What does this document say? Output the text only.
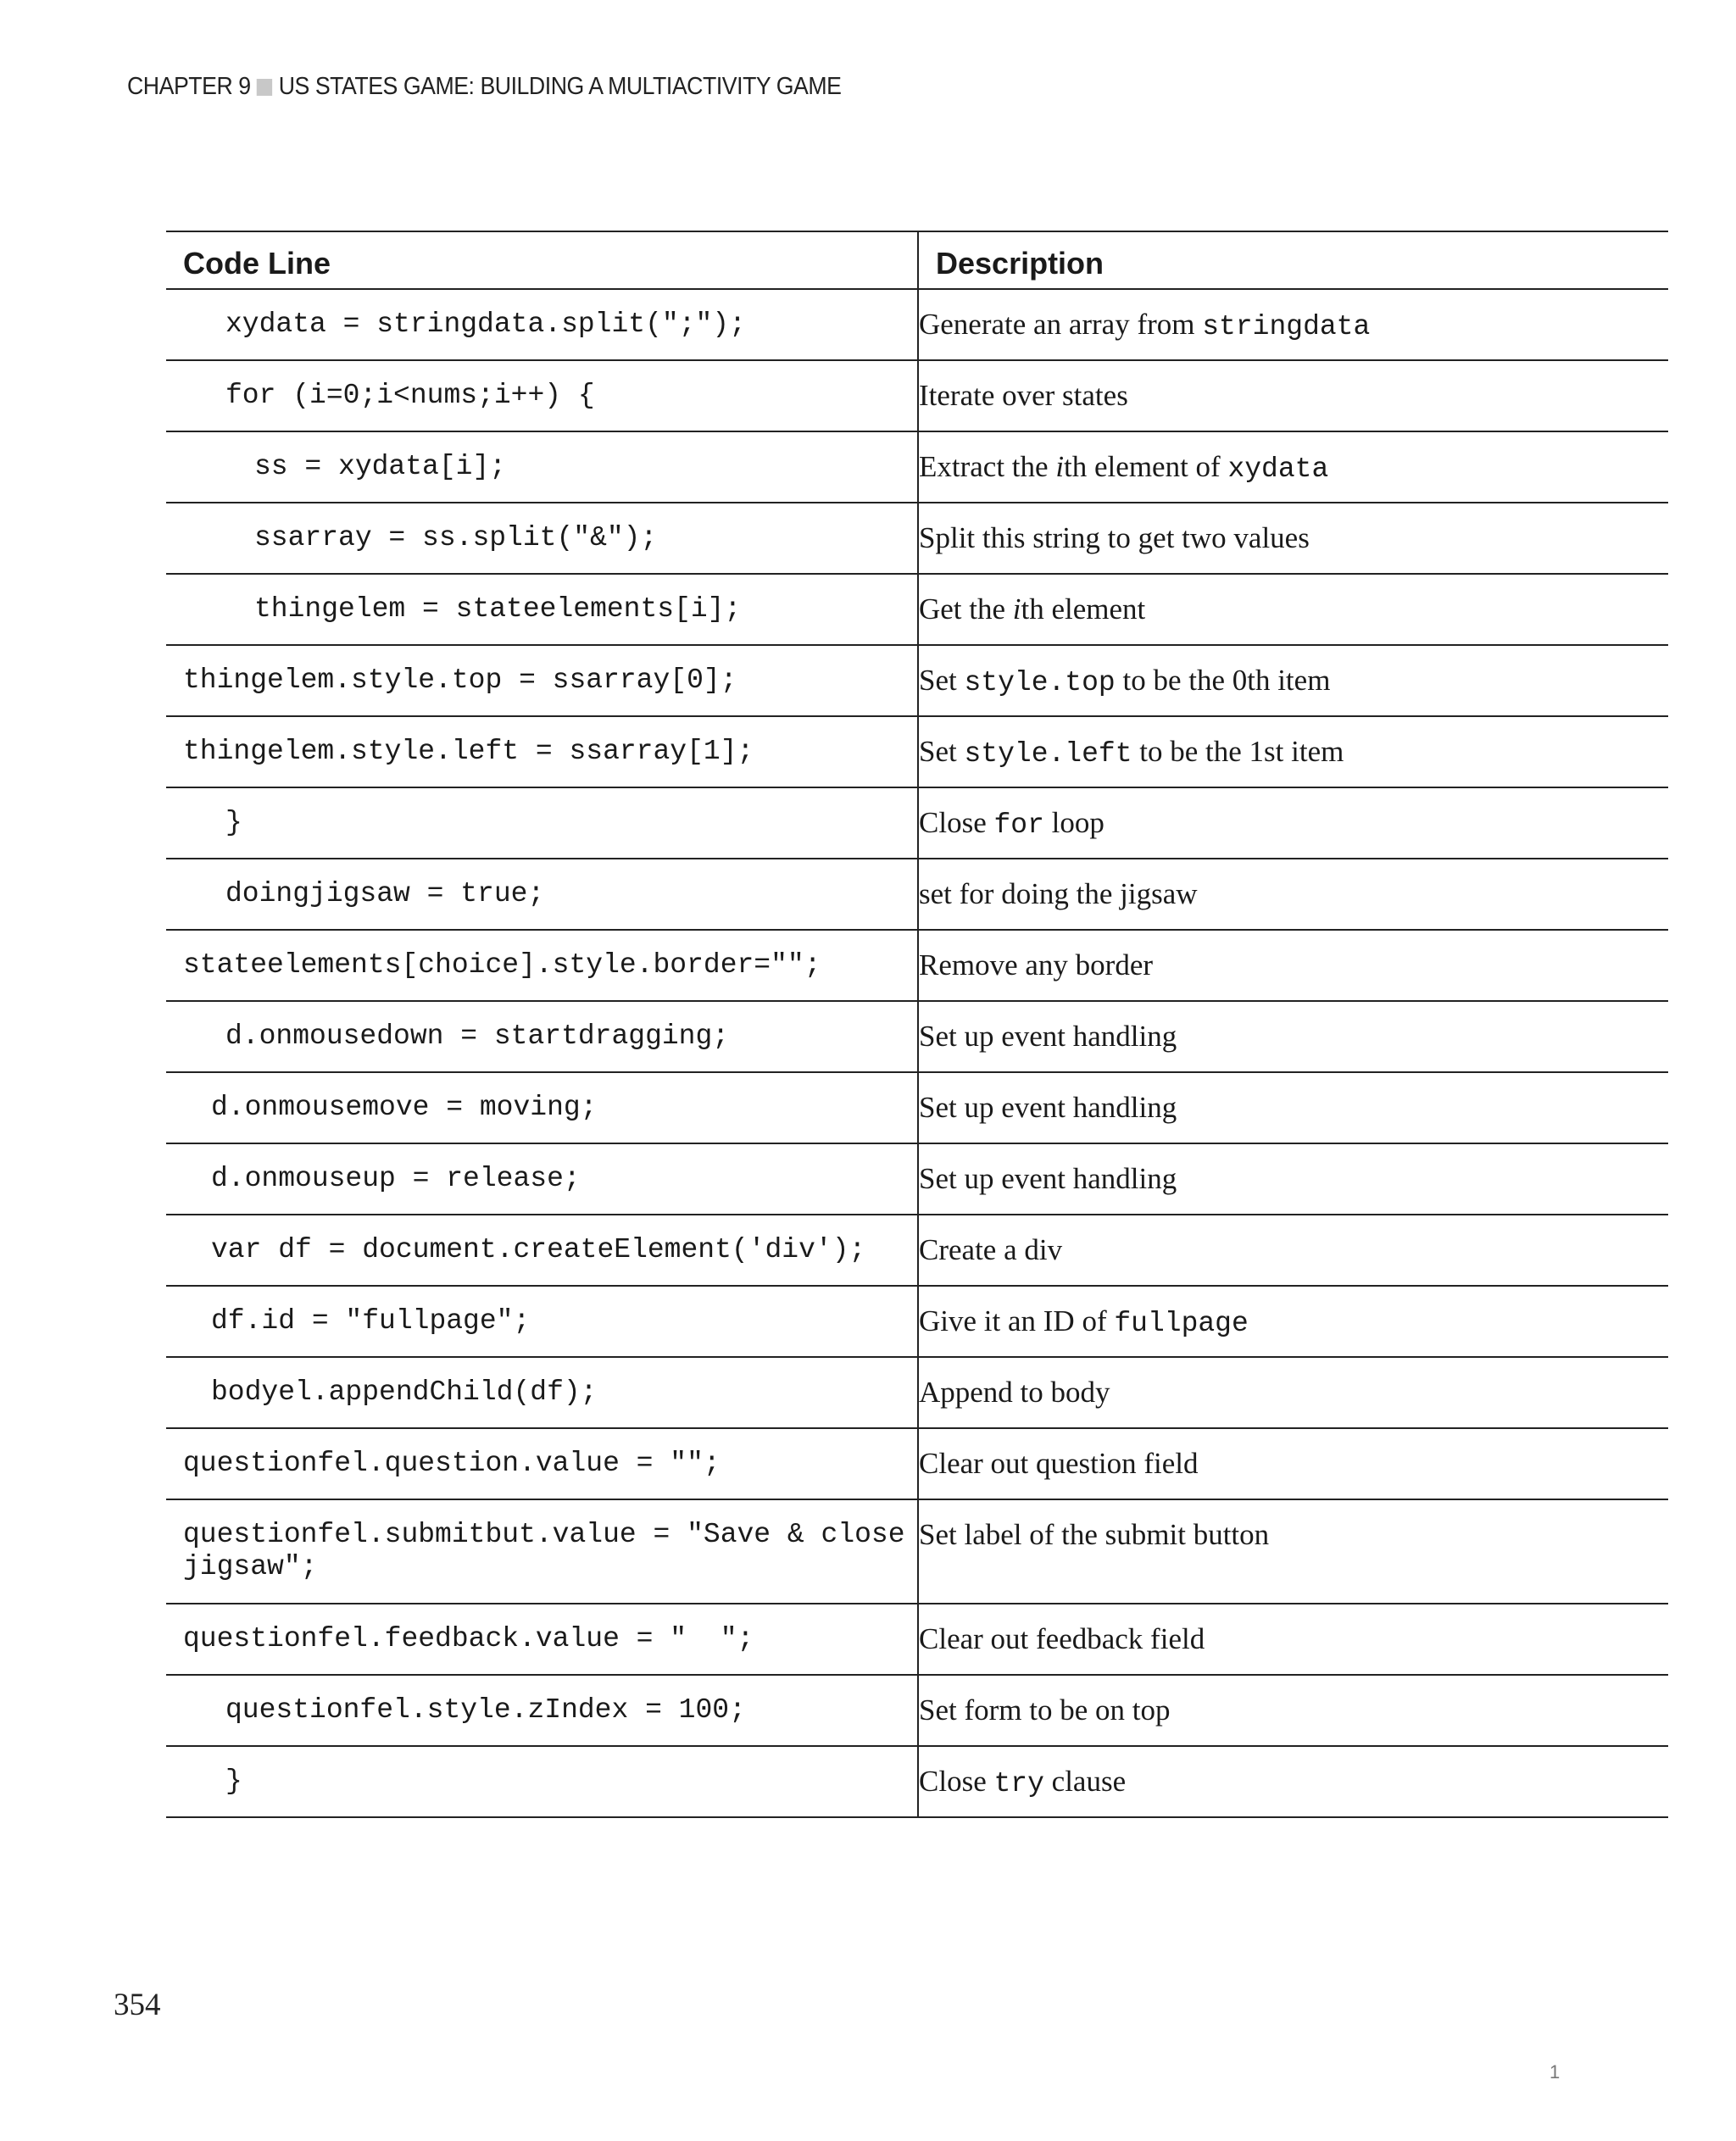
CHAPTER 9 US STATES GAME: BUILDING A MULTIACTIVITY GAME
Code Line	Description
xydata = stringdata.split(";");	Generate an array from stringdata
for (i=0;i<nums;i++) {	Iterate over states
ss = xydata[i];	Extract the ith element of xydata
ssarray = ss.split("&");	Split this string to get two values
thingelem = stateelements[i];	Get the ith element
thingelem.style.top = ssarray[0];	Set style.top to be the 0th item
thingelem.style.left = ssarray[1];	Set style.left to be the 1st item
}	Close for loop
doingjigsaw = true;	set for doing the jigsaw
stateelements[choice].style.border="";	Remove any border
d.onmousedown = startdragging;	Set up event handling
d.onmousemove = moving;	Set up event handling
d.onmouseup = release;	Set up event handling
var df = document.createElement('div');	Create a div
df.id = "fullpage";	Give it an ID of fullpage
bodyel.appendChild(df);	Append to body
questionfel.question.value = "";	Clear out question field
questionfel.submitbut.value = "Save & close jigsaw";	Set label of the submit button
questionfel.feedback.value = "  ";	Clear out feedback field
questionfel.style.zIndex = 100;	Set form to be on top
}	Close try clause
354
1
